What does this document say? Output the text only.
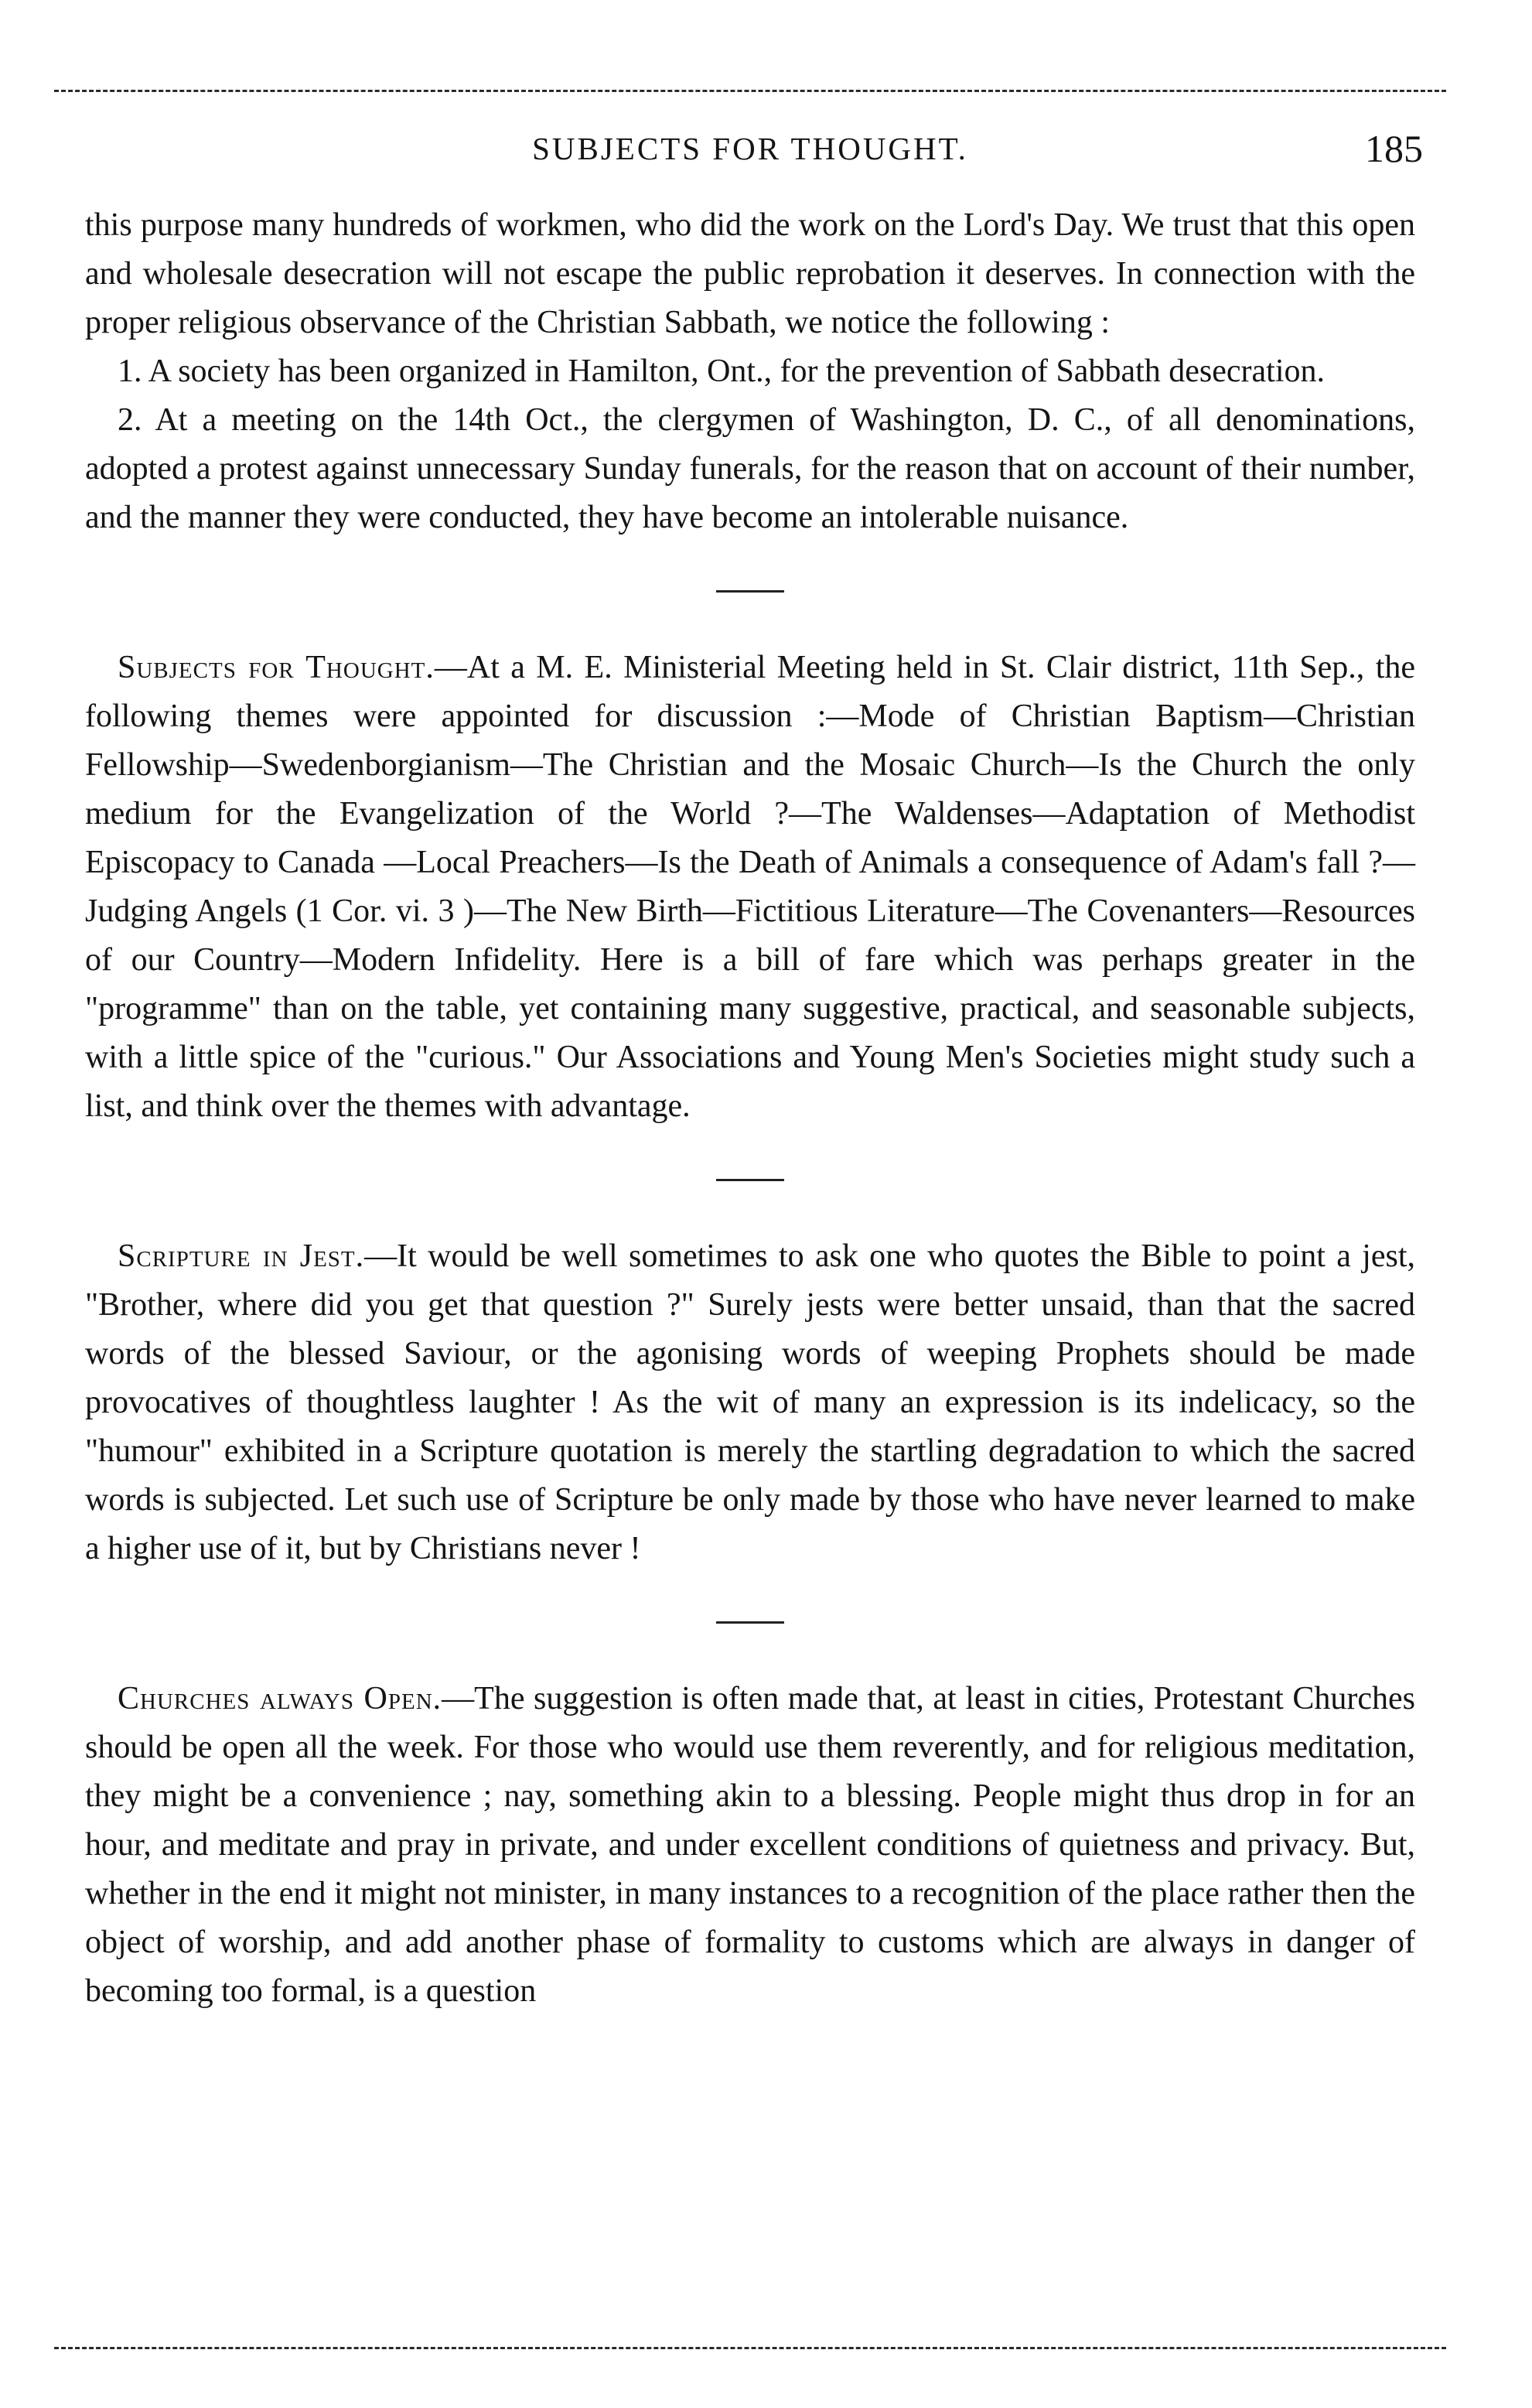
SUBJECTS FOR THOUGHT.	185

this purpose many hundreds of workmen, who did the work on the Lord's Day. We trust that this open and wholesale desecration will not escape the public reprobation it deserves. In connection with the proper religious observance of the Christian Sabbath, we notice the following :

1. A society has been organized in Hamilton, Ont., for the prevention of Sabbath desecration.

2. At a meeting on the 14th Oct., the clergymen of Washington, D. C., of all denominations, adopted a protest against unnecessary Sunday funerals, for the reason that on account of their number, and the manner they were conducted, they have become an intolerable nuisance.

Subjects for Thought.—At a M. E. Ministerial Meeting held in St. Clair district, 11th Sep., the following themes were appointed for discussion :—Mode of Christian Baptism—Christian Fellowship—Swedenborgianism—The Christian and the Mosaic Church—Is the Church the only medium for the Evangelization of the World ?—The Waldenses—Adaptation of Methodist Episcopacy to Canada —Local Preachers—Is the Death of Animals a consequence of Adam's fall ?—Judging Angels (1 Cor. vi. 3 )—The New Birth—Fictitious Literature—The Covenanters—Resources of our Country—Modern Infidelity. Here is a bill of fare which was perhaps greater in the "programme" than on the table, yet containing many suggestive, practical, and seasonable subjects, with a little spice of the "curious." Our Associations and Young Men's Societies might study such a list, and think over the themes with advantage.

Scripture in Jest.—It would be well sometimes to ask one who quotes the Bible to point a jest, "Brother, where did you get that question ?" Surely jests were better unsaid, than that the sacred words of the blessed Saviour, or the agonising words of weeping Prophets should be made provocatives of thoughtless laughter ! As the wit of many an expression is its indelicacy, so the "humour" exhibited in a Scripture quotation is merely the startling degradation to which the sacred words is subjected. Let such use of Scripture be only made by those who have never learned to make a higher use of it, but by Christians never !

Churches always Open.—The suggestion is often made that, at least in cities, Protestant Churches should be open all the week. For those who would use them reverently, and for religious meditation, they might be a convenience ; nay, something akin to a blessing. People might thus drop in for an hour, and meditate and pray in private, and under excellent conditions of quietness and privacy. But, whether in the end it might not minister, in many instances to a recognition of the place rather then the object of worship, and add another phase of formality to customs which are always in danger of becoming too formal, is a question
